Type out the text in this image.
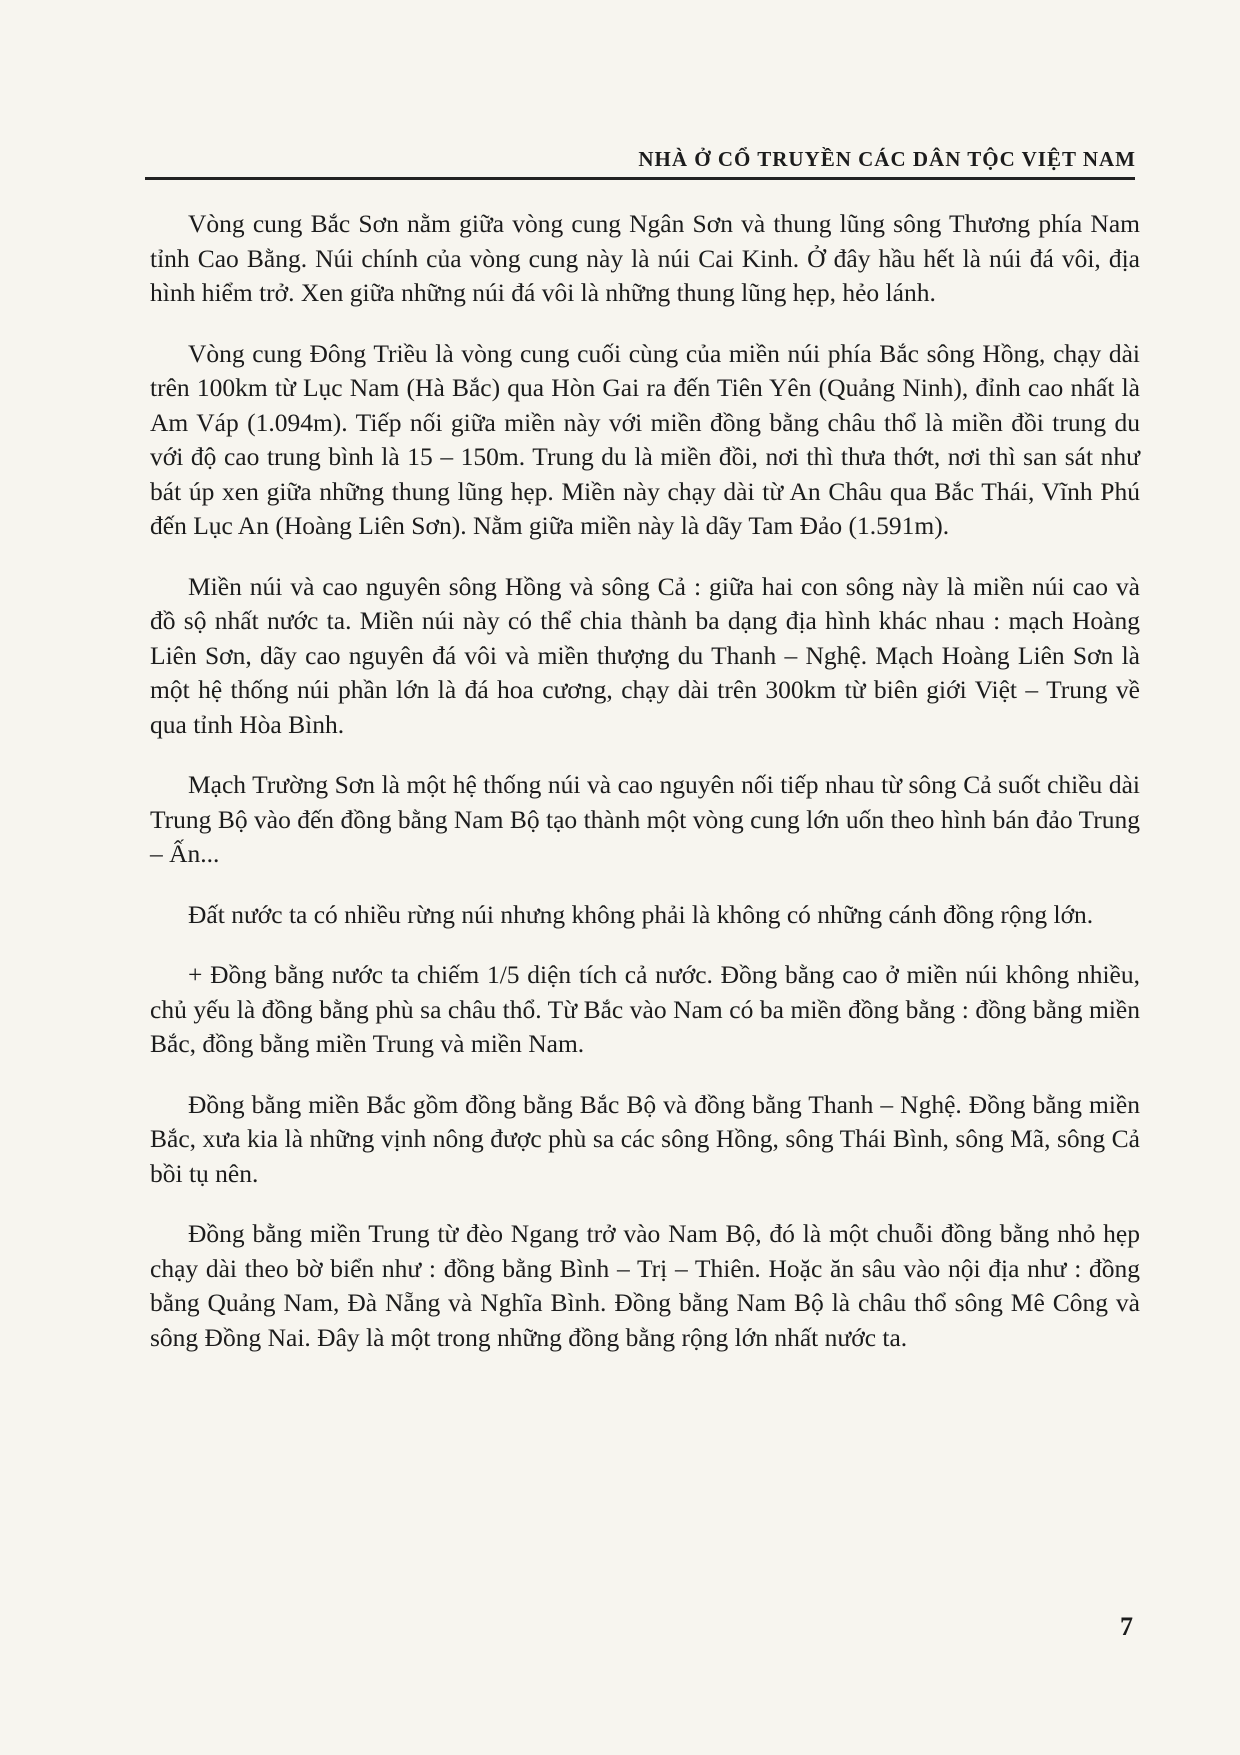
NHÀ Ở CỔ TRUYỀN CÁC DÂN TỘC VIỆT NAM

Vòng cung Bắc Sơn nằm giữa vòng cung Ngân Sơn và thung lũng sông Thương phía Nam tỉnh Cao Bằng. Núi chính của vòng cung này là núi Cai Kinh. Ở đây hầu hết là núi đá vôi, địa hình hiểm trở. Xen giữa những núi đá vôi là những thung lũng hẹp, hẻo lánh.

Vòng cung Đông Triều là vòng cung cuối cùng của miền núi phía Bắc sông Hồng, chạy dài trên 100km từ Lục Nam (Hà Bắc) qua Hòn Gai ra đến Tiên Yên (Quảng Ninh), đỉnh cao nhất là Am Váp (1.094m). Tiếp nối giữa miền này với miền đồng bằng châu thổ là miền đồi trung du với độ cao trung bình là 15 – 150m. Trung du là miền đồi, nơi thì thưa thớt, nơi thì san sát như bát úp xen giữa những thung lũng hẹp. Miền này chạy dài từ An Châu qua Bắc Thái, Vĩnh Phú đến Lục An (Hoàng Liên Sơn). Nằm giữa miền này là dãy Tam Đảo (1.591m).

Miền núi và cao nguyên sông Hồng và sông Cả : giữa hai con sông này là miền núi cao và đồ sộ nhất nước ta. Miền núi này có thể chia thành ba dạng địa hình khác nhau : mạch Hoàng Liên Sơn, dãy cao nguyên đá vôi và miền thượng du Thanh – Nghệ. Mạch Hoàng Liên Sơn là một hệ thống núi phần lớn là đá hoa cương, chạy dài trên 300km từ biên giới Việt – Trung về qua tỉnh Hòa Bình.

Mạch Trường Sơn là một hệ thống núi và cao nguyên nối tiếp nhau từ sông Cả suốt chiều dài Trung Bộ vào đến đồng bằng Nam Bộ tạo thành một vòng cung lớn uốn theo hình bán đảo Trung – Ấn...

Đất nước ta có nhiều rừng núi nhưng không phải là không có những cánh đồng rộng lớn.

+ Đồng bằng nước ta chiếm 1/5 diện tích cả nước. Đồng bằng cao ở miền núi không nhiều, chủ yếu là đồng bằng phù sa châu thổ. Từ Bắc vào Nam có ba miền đồng bằng : đồng bằng miền Bắc, đồng bằng miền Trung và miền Nam.

Đồng bằng miền Bắc gồm đồng bằng Bắc Bộ và đồng bằng Thanh – Nghệ. Đồng bằng miền Bắc, xưa kia là những vịnh nông được phù sa các sông Hồng, sông Thái Bình, sông Mã, sông Cả bồi tụ nên.

Đồng bằng miền Trung từ đèo Ngang trở vào Nam Bộ, đó là một chuỗi đồng bằng nhỏ hẹp chạy dài theo bờ biển như : đồng bằng Bình – Trị – Thiên. Hoặc ăn sâu vào nội địa như : đồng bằng Quảng Nam, Đà Nẵng và Nghĩa Bình. Đồng bằng Nam Bộ là châu thổ sông Mê Công và sông Đồng Nai. Đây là một trong những đồng bằng rộng lớn nhất nước ta.

7
